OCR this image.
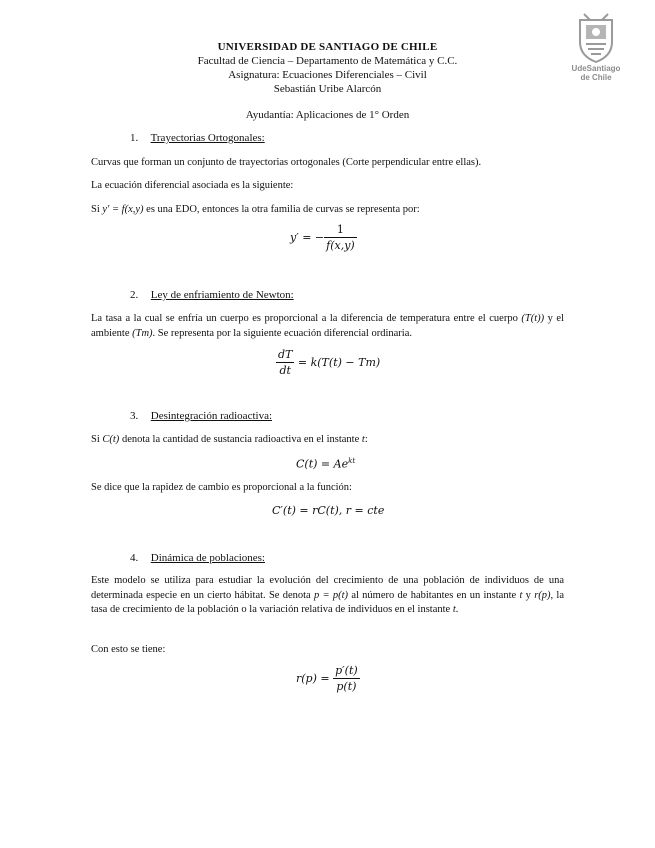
UdeSantiago
de Chile
UNIVERSIDAD DE SANTIAGO DE CHILE
Facultad de Ciencia – Departamento de Matemática y C.C.
Asignatura: Ecuaciones Diferenciales – Civil
Sebastián Uribe Alarcón
Ayudantía: Aplicaciones de 1° Orden
1. Trayectorias Ortogonales:
Curvas que forman un conjunto de trayectorias ortogonales (Corte perpendicular entre ellas).
La ecuación diferencial asociada es la siguiente:
Si y′ = f(x,y) es una EDO, entonces la otra familia de curvas se representa por:
y′ = − $\frac{1}{f(x,y)}$
2. Ley de enfriamiento de Newton:
La tasa a la cual se enfría un cuerpo es proporcional a la diferencia de temperatura entre el cuerpo (T(t)) y el ambiente (Tm). Se representa por la siguiente ecuación diferencial ordinaria.
$\frac{dT}{dt} = k(T(t) - Tm)$
3. Desintegración radioactiva:
Si C(t) denota la cantidad de sustancia radioactiva en el instante t:
$C(t) = Ae^{kt}$
Se dice que la rapidez de cambio es proporcional a la función:
C′(t) = rC(t), r = cte
4. Dinámica de poblaciones:
Este modelo se utiliza para estudiar la evolución del crecimiento de una población de individuos de una determinada especie en un cierto hábitat. Se denota p = p(t) al número de habitantes en un instante t y r(p), la tasa de crecimiento de la población o la variación relativa de individuos en el instante t.
Con esto se tiene:
$r(p) = \frac{p'(t)}{p(t)}$
